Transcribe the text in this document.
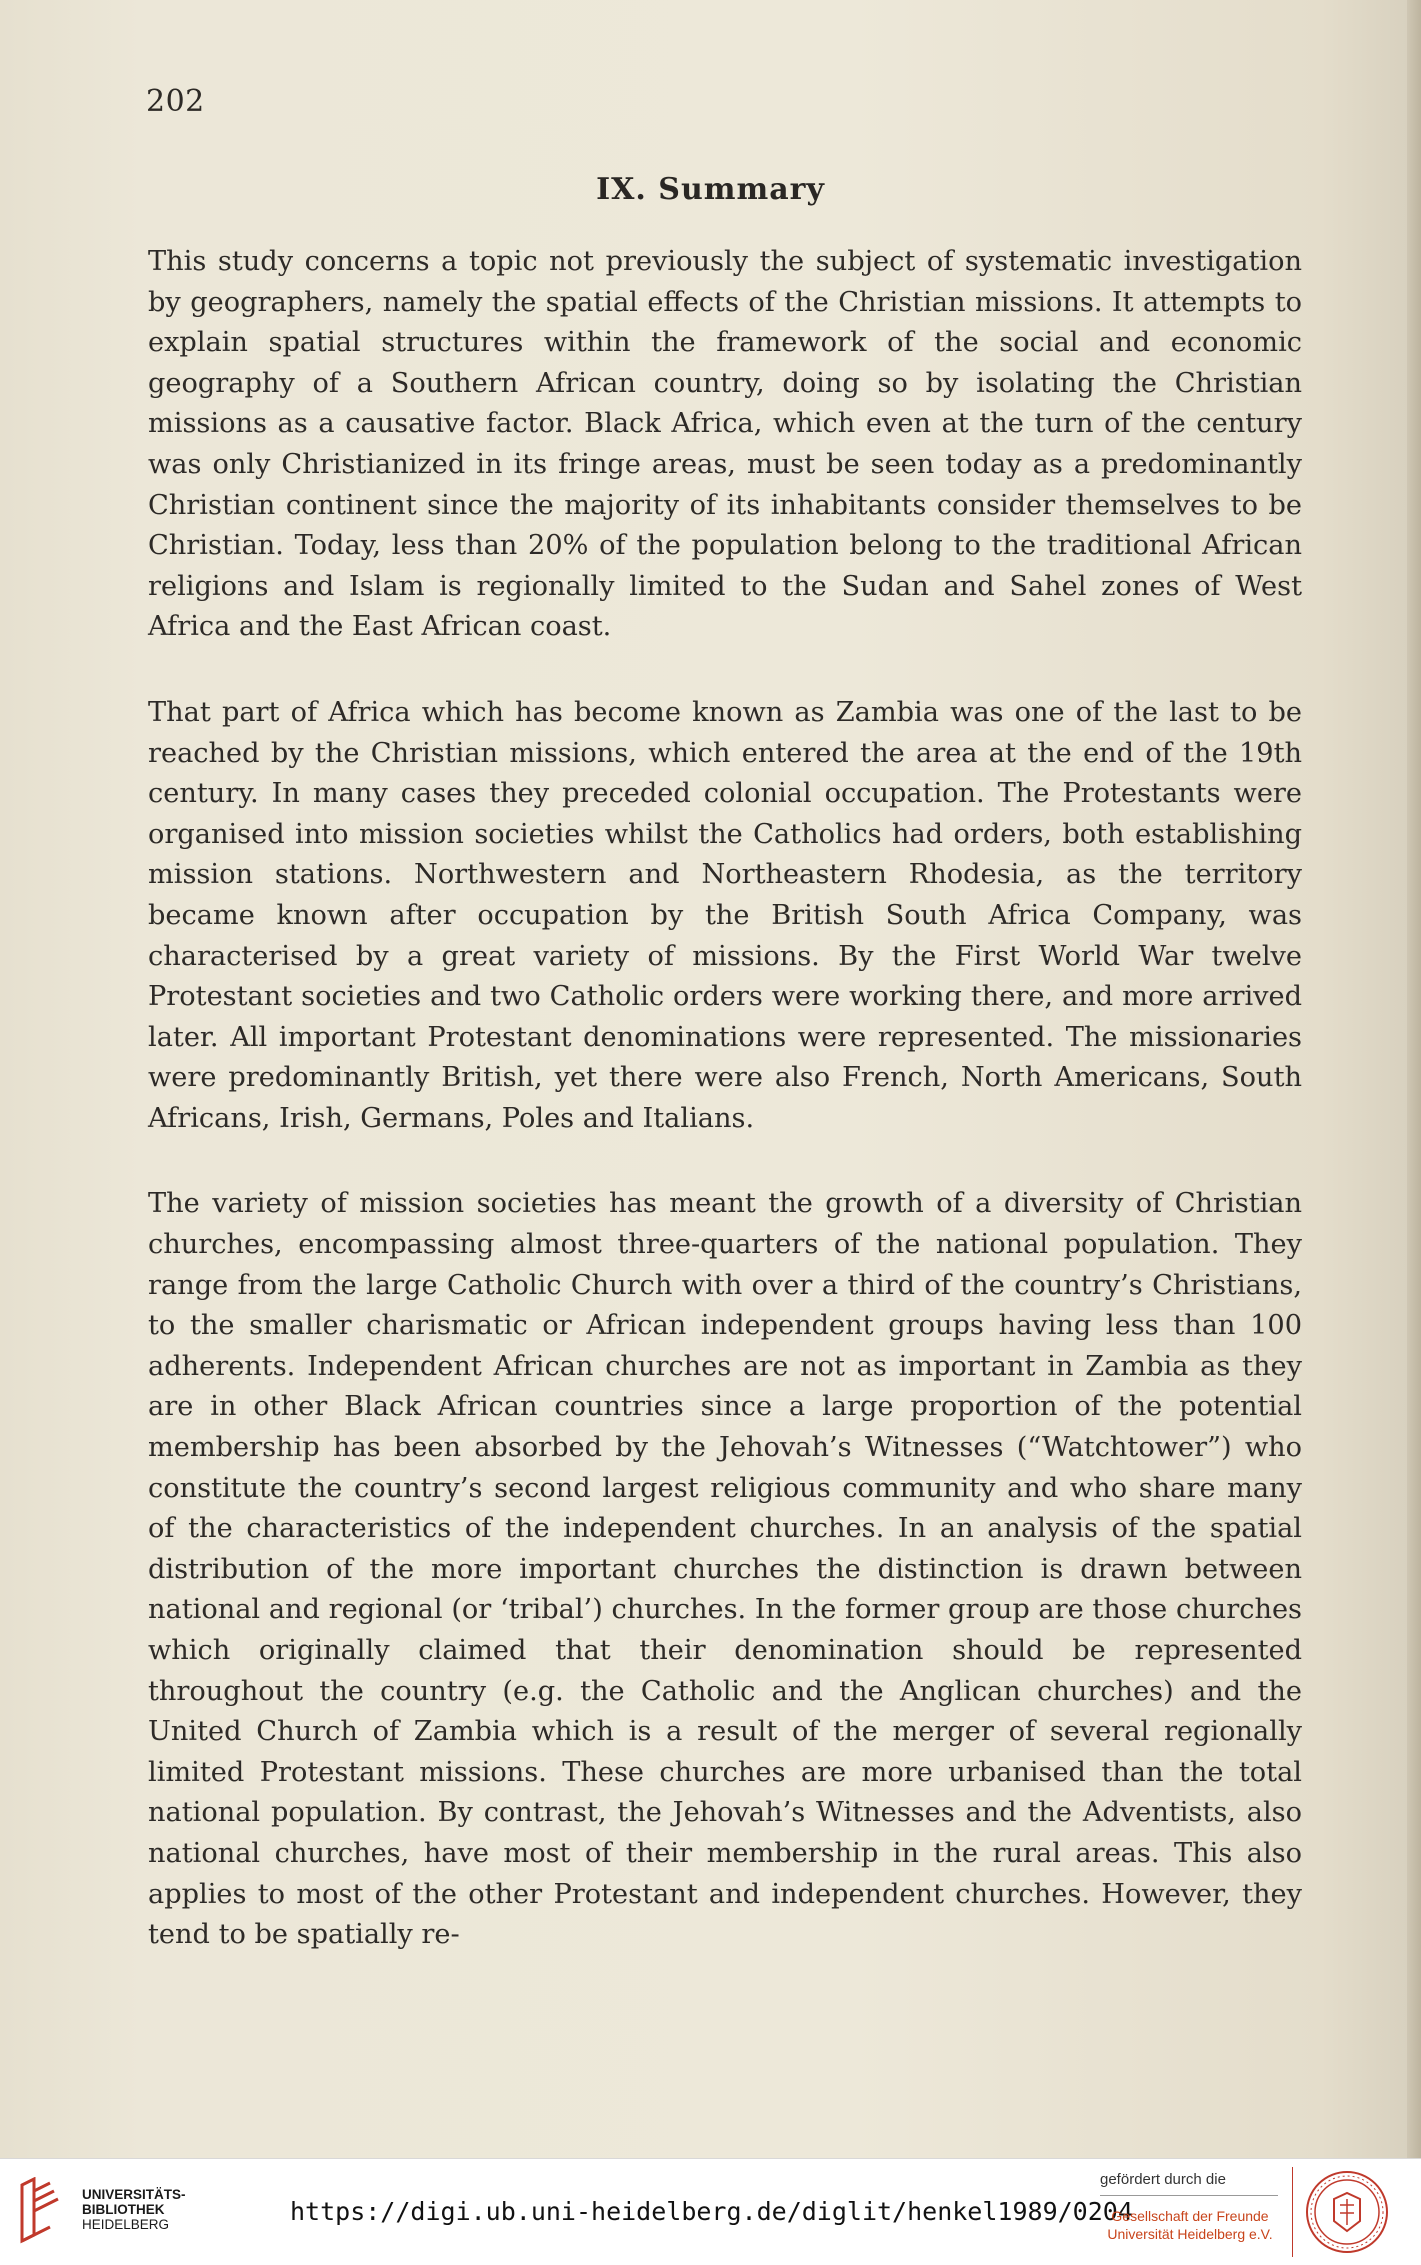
202
IX. Summary

This study concerns a topic not previously the subject of systematic investigation by geographers, namely the spatial effects of the Christian missions. It attempts to explain spatial structures within the framework of the social and economic geography of a Southern African country, doing so by isolating the Christian missions as a causative factor. Black Africa, which even at the turn of the century was only Christianized in its fringe areas, must be seen today as a predominantly Christian continent since the majority of its inhabitants consider themselves to be Christian. Today, less than 20% of the population belong to the traditional African religions and Islam is regionally limited to the Sudan and Sahel zones of West Africa and the East African coast.

That part of Africa which has become known as Zambia was one of the last to be reached by the Christian missions, which entered the area at the end of the 19th century. In many cases they preceded colonial occupation. The Protestants were organised into mission societies whilst the Catholics had orders, both establishing mission stations. Northwestern and Northeastern Rhodesia, as the territory became known after occupation by the British South Africa Company, was characterised by a great variety of missions. By the First World War twelve Protestant societies and two Catholic orders were working there, and more arrived later. All important Protestant denominations were represented. The missionaries were predominantly British, yet there were also French, North Americans, South Africans, Irish, Germans, Poles and Italians.

The variety of mission societies has meant the growth of a diversity of Christian churches, encompassing almost three-quarters of the national population. They range from the large Catholic Church with over a third of the country’s Christians, to the smaller charismatic or African independent groups having less than 100 adherents. Independent African churches are not as important in Zambia as they are in other Black African countries since a large proportion of the potential membership has been absorbed by the Jehovah’s Witnesses (“Watchtower”) who constitute the country’s second largest religious community and who share many of the characteristics of the independent churches. In an analysis of the spatial distribution of the more important churches the distinction is drawn between national and regional (or ‘tribal’) churches. In the former group are those churches which originally claimed that their denomination should be represented throughout the country (e.g. the Catholic and the Anglican churches) and the United Church of Zambia which is a result of the merger of several regionally limited Protestant missions. These churches are more urbanised than the total national population. By contrast, the Jehovah’s Witnesses and the Adventists, also national churches, have most of their membership in the rural areas. This also applies to most of the other Protestant and independent churches. However, they tend to be spatially re-

UNIVERSITÄTS-
BIBLIOTHEK
HEIDELBERG	https://digi.ub.uni-heidelberg.de/diglit/henkel1989/0204
gefördert durch die
Gesellschaft der Freunde
Universität Heidelberg e.V.
